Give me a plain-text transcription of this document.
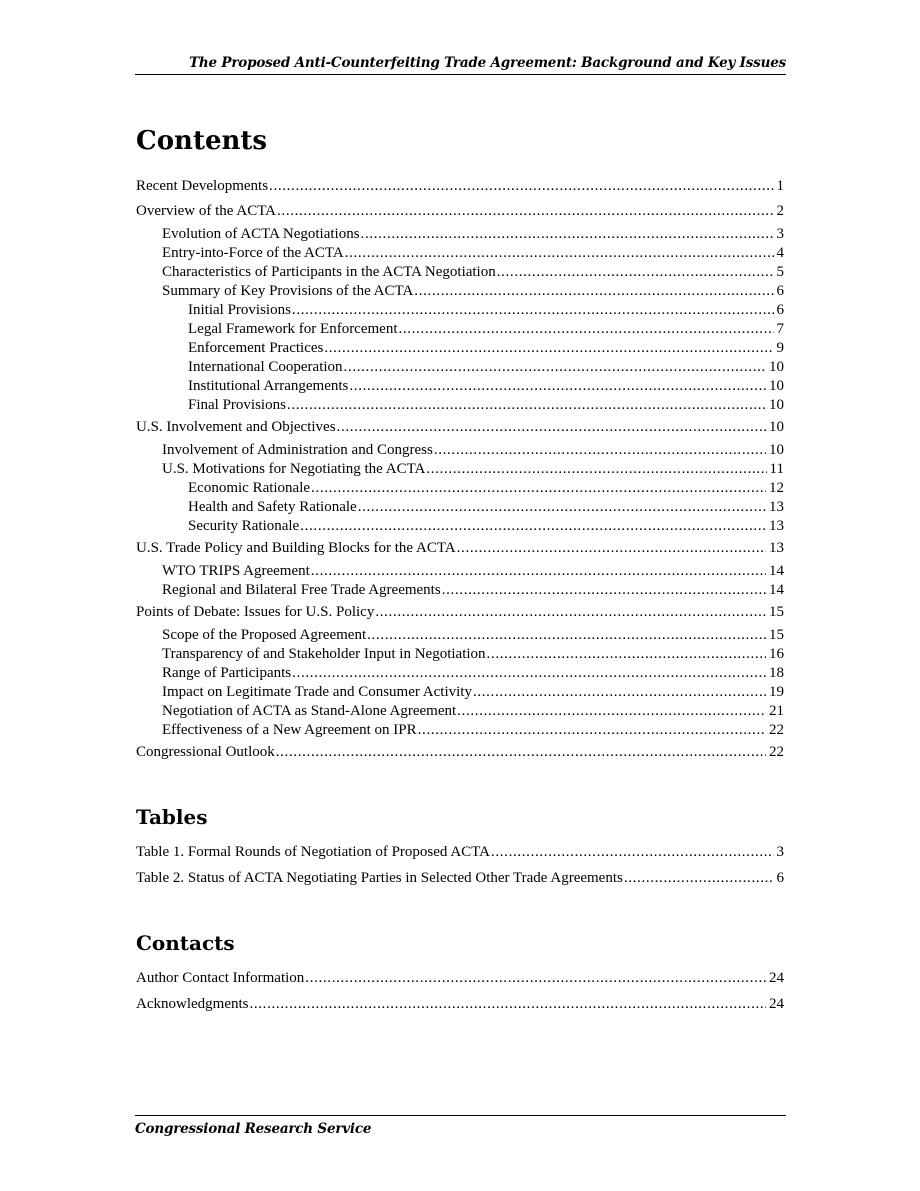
The Proposed Anti-Counterfeiting Trade Agreement: Background and Key Issues
Contents
Recent Developments . . .	1
Overview of the ACTA . . .	2
Evolution of ACTA Negotiations . . .	3
Entry-into-Force of the ACTA . . .	4
Characteristics of Participants in the ACTA Negotiation . . .	5
Summary of Key Provisions of the ACTA . . .	6
Initial Provisions . . .	6
Legal Framework for Enforcement . . .	7
Enforcement Practices . . .	9
International Cooperation . . .	10
Institutional Arrangements . . .	10
Final Provisions . . .	10
U.S. Involvement and Objectives . . .	10
Involvement of Administration and Congress . . .	10
U.S. Motivations for Negotiating the ACTA . . .	11
Economic Rationale . . .	12
Health and Safety Rationale . . .	13
Security Rationale . . .	13
U.S. Trade Policy and Building Blocks for the ACTA . . .	13
WTO TRIPS Agreement . . .	14
Regional and Bilateral Free Trade Agreements . . .	14
Points of Debate: Issues for U.S. Policy . . .	15
Scope of the Proposed Agreement . . .	15
Transparency of and Stakeholder Input in Negotiation . . .	16
Range of Participants . . .	18
Impact on Legitimate Trade and Consumer Activity . . .	19
Negotiation of ACTA as Stand-Alone Agreement . . .	21
Effectiveness of a New Agreement on IPR . . .	22
Congressional Outlook . . .	22
Tables
Table 1. Formal Rounds of Negotiation of Proposed ACTA . . .	3
Table 2. Status of ACTA Negotiating Parties in Selected Other Trade Agreements . . .	6
Contacts
Author Contact Information . . .	24
Acknowledgments . . .	24
Congressional Research Service
